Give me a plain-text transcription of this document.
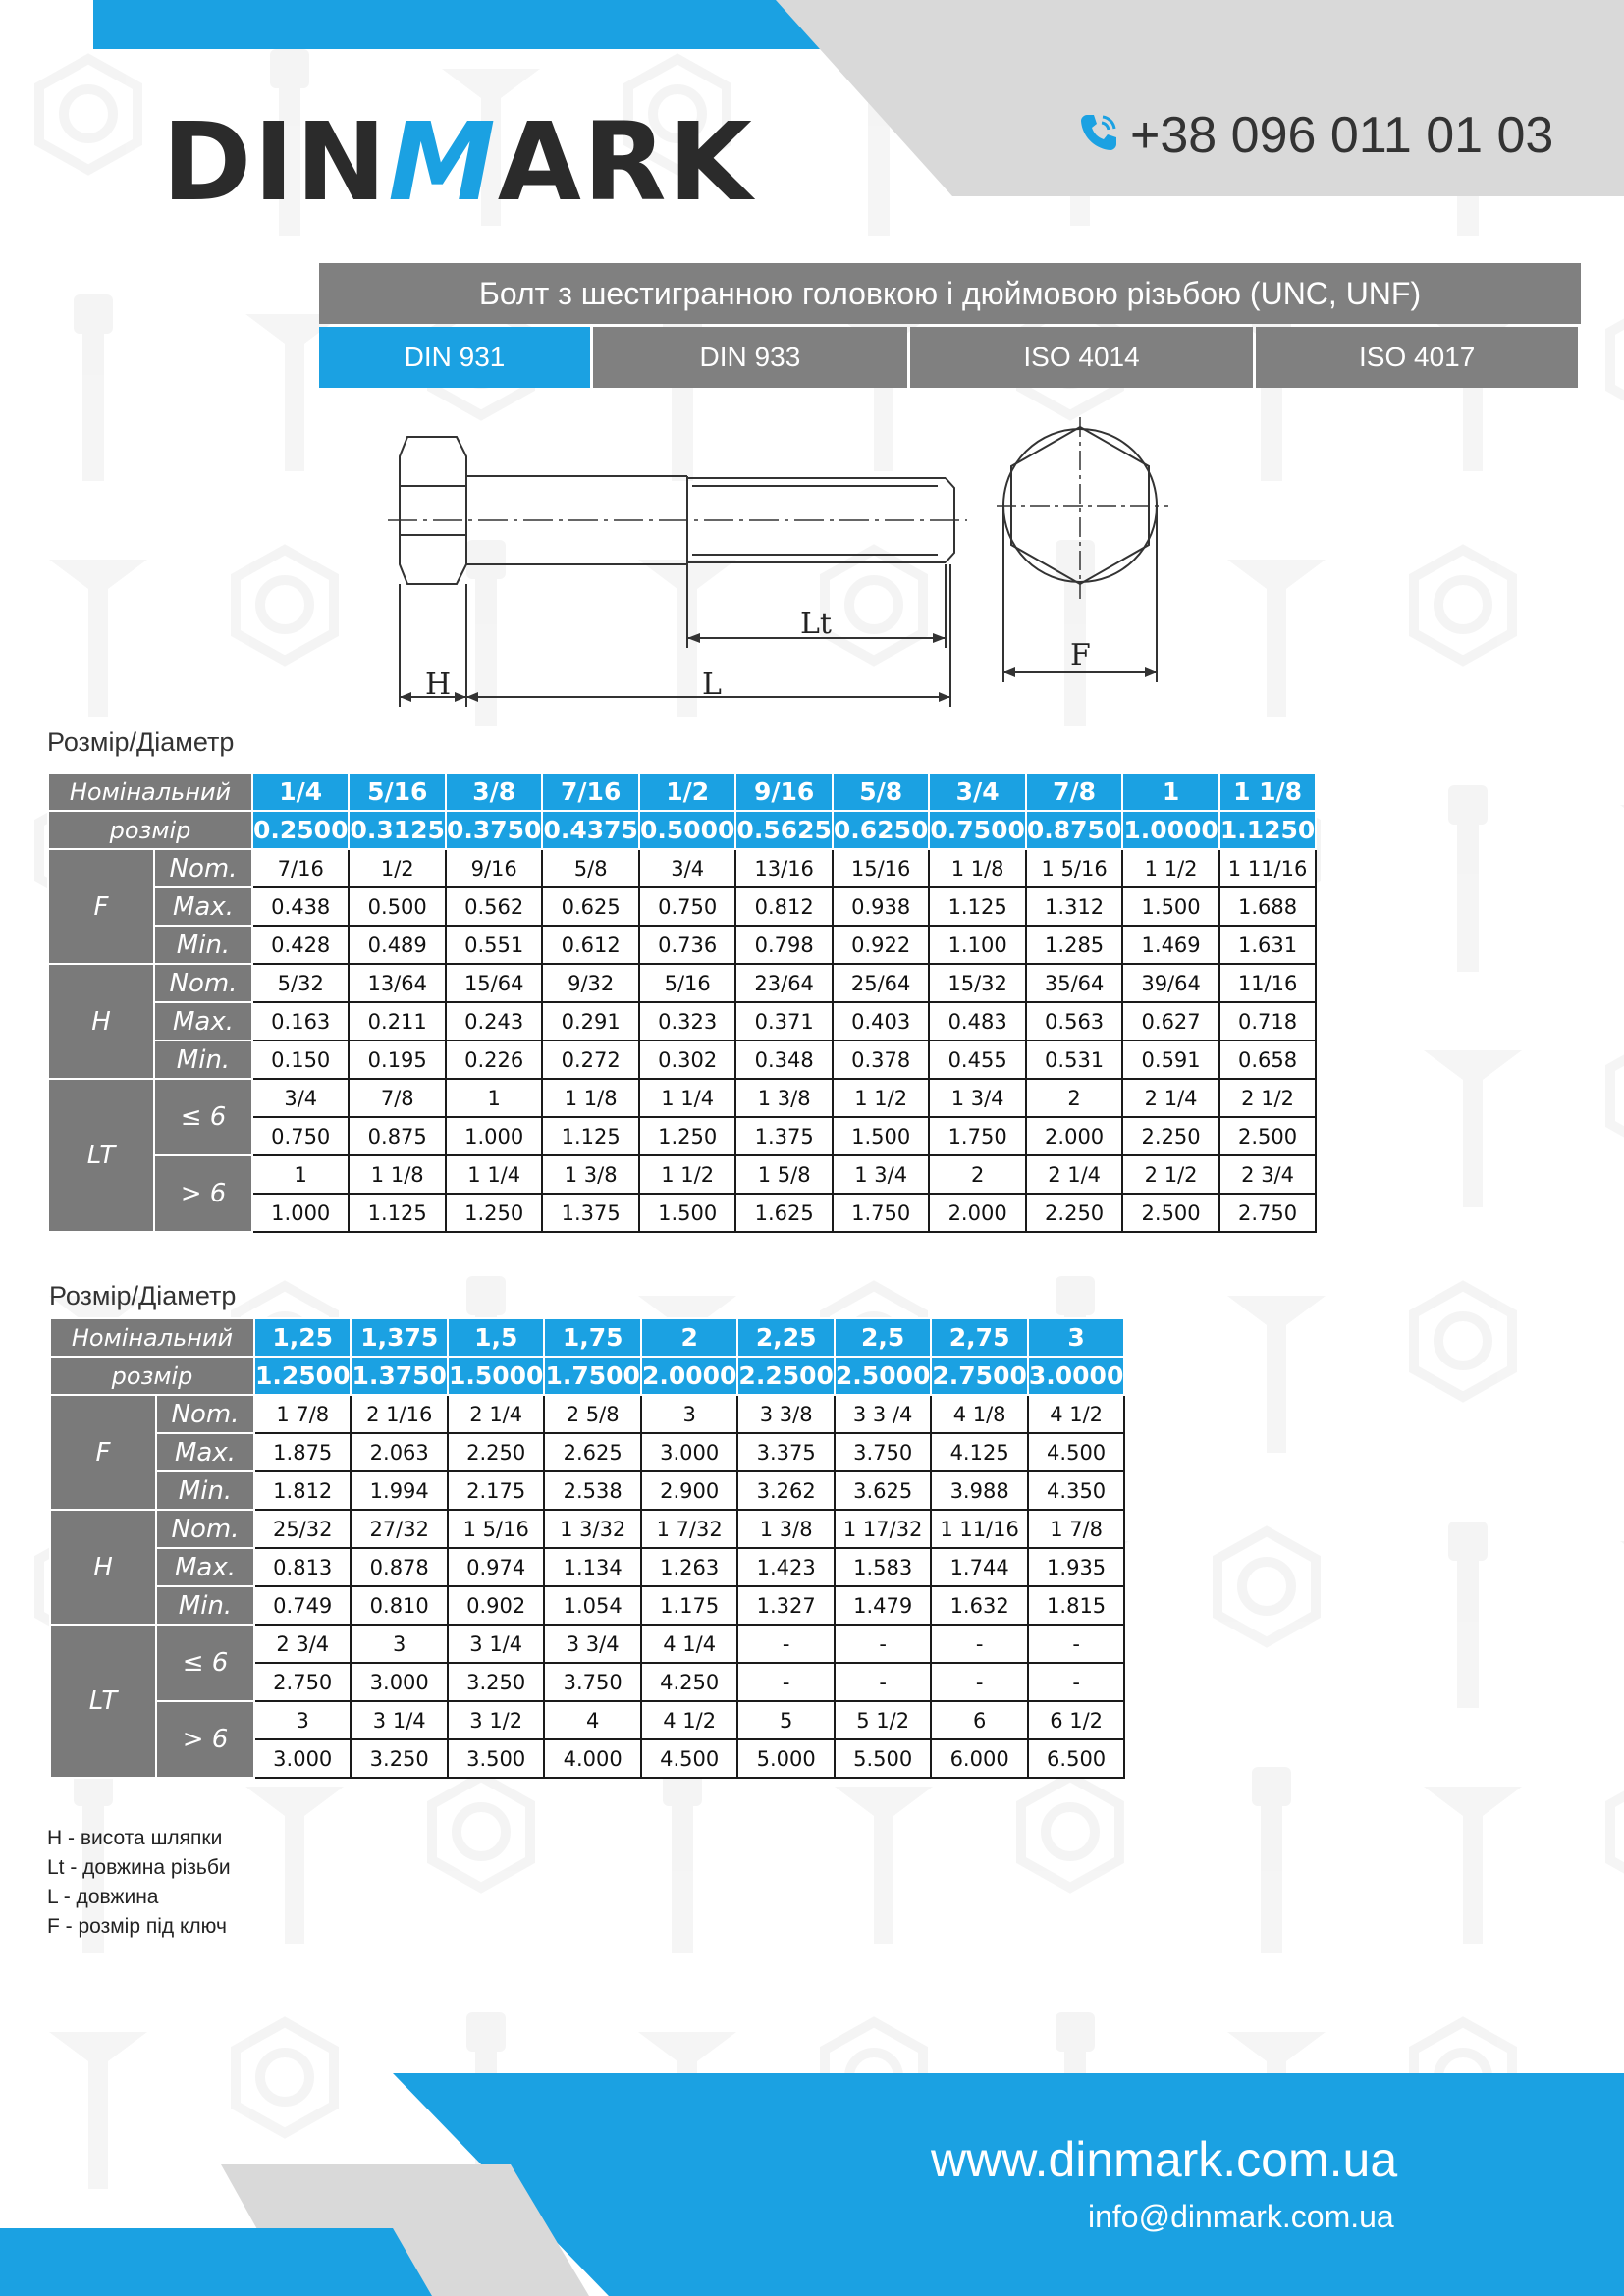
DINMARK	+38 096 011 01 03
Болт з шестигранною головкою і дюймовою різьбою (UNC, UNF)
DIN 931	DIN 933	ISO 4014	ISO 4017
Lt
H	L
F
Розмір/Діаметр
Номінальний		1/4	5/16	3/8	7/16	1/2	9/16	5/8	3/4	7/8	1	1 1/8
розмір		0.2500	0.3125	0.3750	0.4375	0.5000	0.5625	0.6250	0.7500	0.8750	1.0000	1.1250
F	Nom.	7/16	1/2	9/16	5/8	3/4	13/16	15/16	1 1/8	1 5/16	1 1/2	1 11/16
	Max.	0.438	0.500	0.562	0.625	0.750	0.812	0.938	1.125	1.312	1.500	1.688
	Min.	0.428	0.489	0.551	0.612	0.736	0.798	0.922	1.100	1.285	1.469	1.631
H	Nom.	5/32	13/64	15/64	9/32	5/16	23/64	25/64	15/32	35/64	39/64	11/16
	Max.	0.163	0.211	0.243	0.291	0.323	0.371	0.403	0.483	0.563	0.627	0.718
	Min.	0.150	0.195	0.226	0.272	0.302	0.348	0.378	0.455	0.531	0.591	0.658
LT	≤ 6	3/4	7/8	1	1 1/8	1 1/4	1 3/8	1 1/2	1 3/4	2	2 1/4	2 1/2
		0.750	0.875	1.000	1.125	1.250	1.375	1.500	1.750	2.000	2.250	2.500
	> 6	1	1 1/8	1 1/4	1 3/8	1 1/2	1 5/8	1 3/4	2	2 1/4	2 1/2	2 3/4
		1.000	1.125	1.250	1.375	1.500	1.625	1.750	2.000	2.250	2.500	2.750
Розмір/Діаметр
Номінальний		1,25	1,375	1,5	1,75	2	2,25	2,5	2,75	3
розмір		1.2500	1.3750	1.5000	1.7500	2.0000	2.2500	2.5000	2.7500	3.0000
F	Nom.	1 7/8	2 1/16	2 1/4	2 5/8	3	3 3/8	3 3 /4	4 1/8	4 1/2
	Max.	1.875	2.063	2.250	2.625	3.000	3.375	3.750	4.125	4.500
	Min.	1.812	1.994	2.175	2.538	2.900	3.262	3.625	3.988	4.350
H	Nom.	25/32	27/32	1 5/16	1 3/32	1 7/32	1 3/8	1 17/32	1 11/16	1 7/8
	Max.	0.813	0.878	0.974	1.134	1.263	1.423	1.583	1.744	1.935
	Min.	0.749	0.810	0.902	1.054	1.175	1.327	1.479	1.632	1.815
LT	≤ 6	2 3/4	3	3 1/4	3 3/4	4 1/4	-	-	-	-
		2.750	3.000	3.250	3.750	4.250	-	-	-	-
	> 6	3	3 1/4	3 1/2	4	4 1/2	5	5 1/2	6	6 1/2
		3.000	3.250	3.500	4.000	4.500	5.000	5.500	6.000	6.500
H - висота шляпки
Lt - довжина різьби
L - довжина
F - розмір під ключ
www.dinmark.com.ua
info@dinmark.com.ua
